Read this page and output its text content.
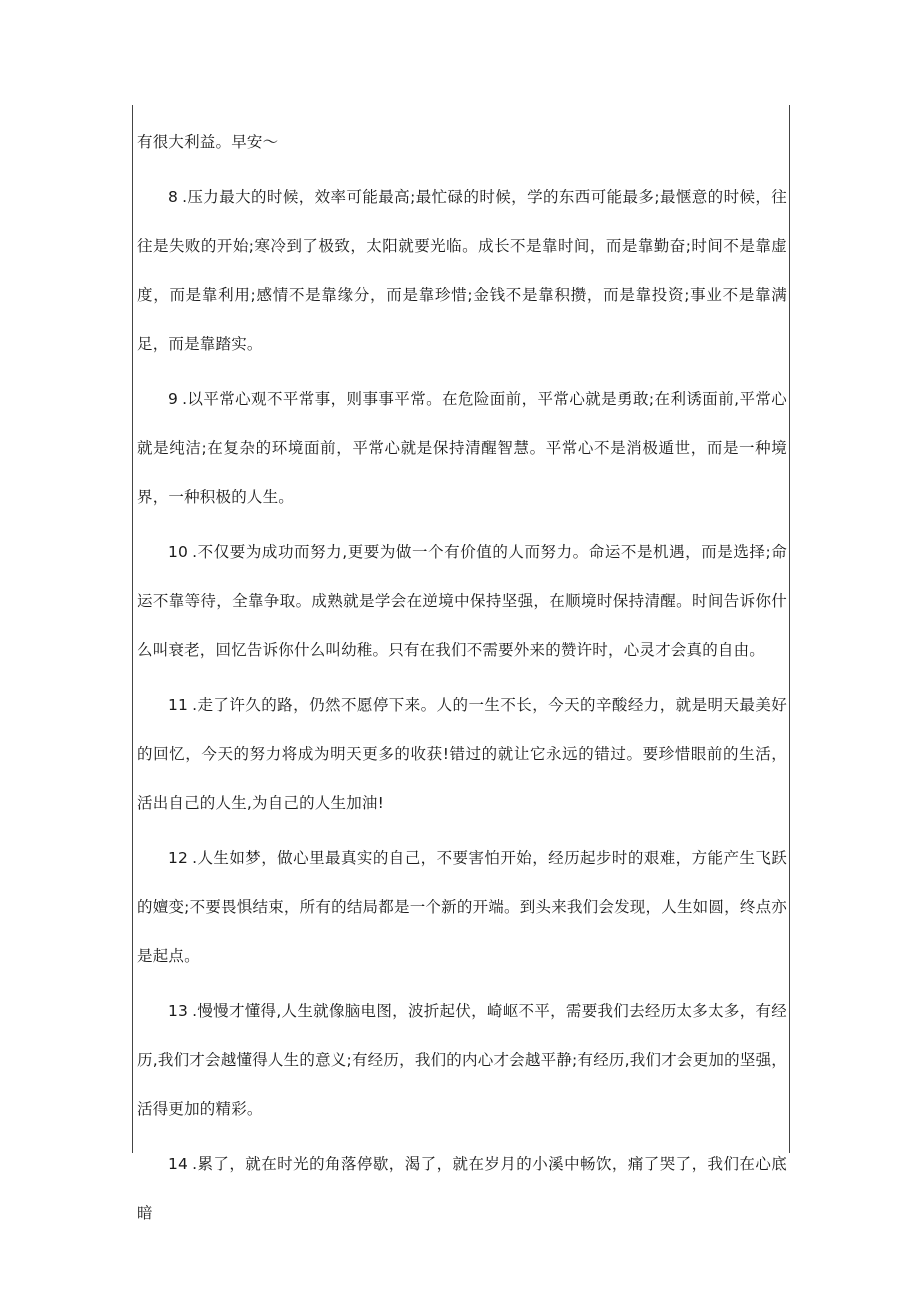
有很大利益。早安〜

8 .压力最大的时候，效率可能最高;最忙碌的时候，学的东西可能最多;最惬意的时候，往往是失败的开始;寒冷到了极致，太阳就要光临。成长不是靠时间，而是靠勤奋;时间不是靠虚度，而是靠利用;感情不是靠缘分，而是靠珍惜;金钱不是靠积攒，而是靠投资;事业不是靠满足，而是靠踏实。

9 .以平常心观不平常事，则事事平常。在危险面前，平常心就是勇敢;在利诱面前,平常心就是纯洁;在复杂的环境面前，平常心就是保持清醒智慧。平常心不是消极遁世，而是一种境界，一种积极的人生。

10 .不仅要为成功而努力,更要为做一个有价值的人而努力。命运不是机遇，而是选择;命运不靠等待，全靠争取。成熟就是学会在逆境中保持坚强，在顺境时保持清醒。时间告诉你什么叫衰老，回忆告诉你什么叫幼稚。只有在我们不需要外来的赞许时，心灵才会真的自由。

11 .走了许久的路，仍然不愿停下来。人的一生不长，今天的辛酸经力，就是明天最美好的回忆，今天的努力将成为明天更多的收获!错过的就让它永远的错过。要珍惜眼前的生活，活出自己的人生,为自己的人生加油!

12 .人生如梦，做心里最真实的自己，不要害怕开始，经历起步时的艰难，方能产生飞跃的嬗变;不要畏惧结束，所有的结局都是一个新的开端。到头来我们会发现，人生如圆，终点亦是起点。

13 .慢慢才懂得,人生就像脑电图，波折起伏，崎岖不平，需要我们去经历太多太多，有经历,我们才会越懂得人生的意义;有经历，我们的内心才会越平静;有经历,我们才会更加的坚强，活得更加的精彩。

14 .累了，就在时光的角落停歇，渴了，就在岁月的小溪中畅饮，痛了哭了，我们在心底暗
